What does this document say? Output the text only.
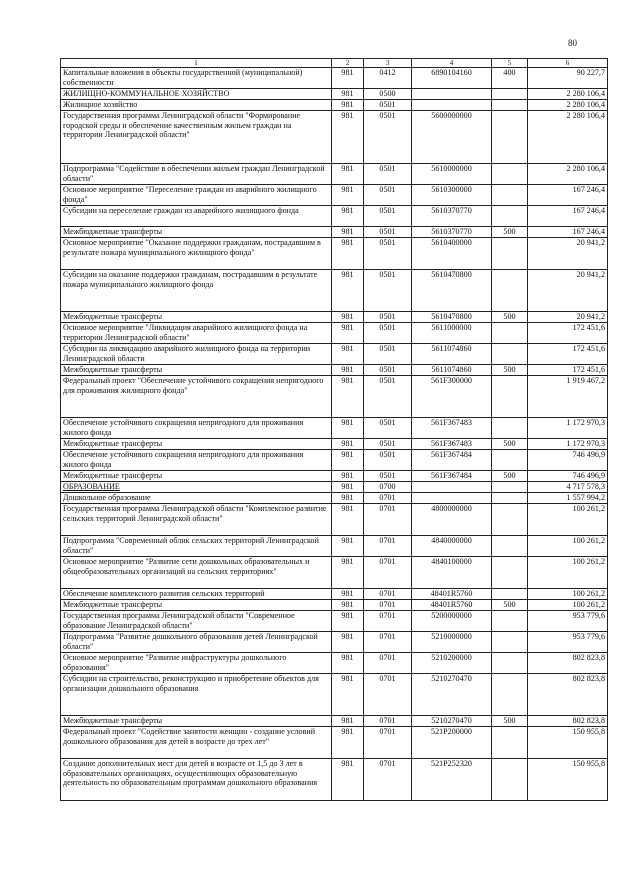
80
1	2	3	4	5	6
Капитальные вложения в объекты государственной (муниципальной) собственности	981	0412	6890104160	400	90 227,7
ЖИЛИЩНО-КОММУНАЛЬНОЕ ХОЗЯЙСТВО	981	0500			2 280 106,4
Жилищное хозяйство	981	0501			2 280 106,4
Государственная программа Ленинградской области "Формирование городской среды и обеспечение качественным жильем граждан на территории Ленинградской области"	981	0501	5600000000		2 280 106,4
Подпрограмма "Содействие в обеспечении жильем граждан Ленинградской области"	981	0501	5610000000		2 280 106,4
Основное мероприятие "Переселение граждан из аварийного жилищного фонда"	981	0501	5610300000		167 246,4
Субсидии на переселение граждан из аварийного жилищного фонда	981	0501	5610370770		167 246,4
Межбюджетные трансферты	981	0501	5610370770	500	167 246,4
Основное мероприятие "Оказание поддержки гражданам, пострадавшим в результате пожара муниципального жилищного фонда"	981	0501	5610400000		20 941,2
Субсидии на оказание поддержки гражданам, пострадавшим в результате пожара муниципального жилищного фонда	981	0501	5610470800		20 941,2
Межбюджетные трансферты	981	0501	5610470800	500	20 941,2
Основное мероприятие "Ликвидация аварийного жилищного фонда на территории Ленинградской области"	981	0501	5611000000		172 451,6
Субсидии на ликвидацию аварийного жилищного фонда на территории Ленинградской области	981	0501	5611074860		172 451,6
Межбюджетные трансферты	981	0501	5611074860	500	172 451,6
Федеральный проект "Обеспечение устойчивого сокращения непригодного для проживания жилищного фонда"	981	0501	561F300000		1 919 467,2
Обеспечение устойчивого сокращения непригодного для проживания жилого фонда	981	0501	561F367483		1 172 970,3
Межбюджетные трансферты	981	0501	561F367483	500	1 172 970,3
Обеспечение устойчивого сокращения непригодного для проживания жилого фонда	981	0501	561F367484		746 496,9
Межбюджетные трансферты	981	0501	561F367484	500	746 496,9
ОБРАЗОВАНИЕ	981	0700			4 717 578,3
Дошкольное образование	981	0701			1 557 994,2
Государственная программа Ленинградской области "Комплексное развитие сельских территорий Ленинградской области"	981	0701	4800000000		100 261,2
Подпрограмма "Современный облик сельских территорий Ленинградской области"	981	0701	4840000000		100 261,2
Основное мероприятие "Развитие сети дошкольных образовательных и общеобразовательных организаций на сельских территориях"	981	0701	4840100000		100 261,2
Обеспечение комплексного развития сельских территорий	981	0701	48401R5760		100 261,2
Межбюджетные трансферты	981	0701	48401R5760	500	100 261,2
Государственная программа Ленинградской области "Современное образование Ленинградской области"	981	0701	5200000000		953 779,6
Подпрограмма "Развитие дошкольного образования детей Ленинградской области"	981	0701	5210000000		953 779,6
Основное мероприятие "Развитие инфраструктуры дошкольного образования"	981	0701	5210200000		802 823,8
Субсидии на строительство, реконструкцию и приобретение объектов для организации дошкольного образования	981	0701	5210270470		802 823,8
Межбюджетные трансферты	981	0701	5210270470	500	802 823,8
Федеральный проект "Содействие занятости женщин - создание условий дошкольного образования для детей в возрасте до трех лет"	981	0701	521P200000		150 955,8
Создание дополнительных мест для детей в возрасте от 1,5 до 3 лет в образовательных организациях, осуществляющих образовательную деятельность по образовательным программам дошкольного образования	981	0701	521P252320		150 955,8
